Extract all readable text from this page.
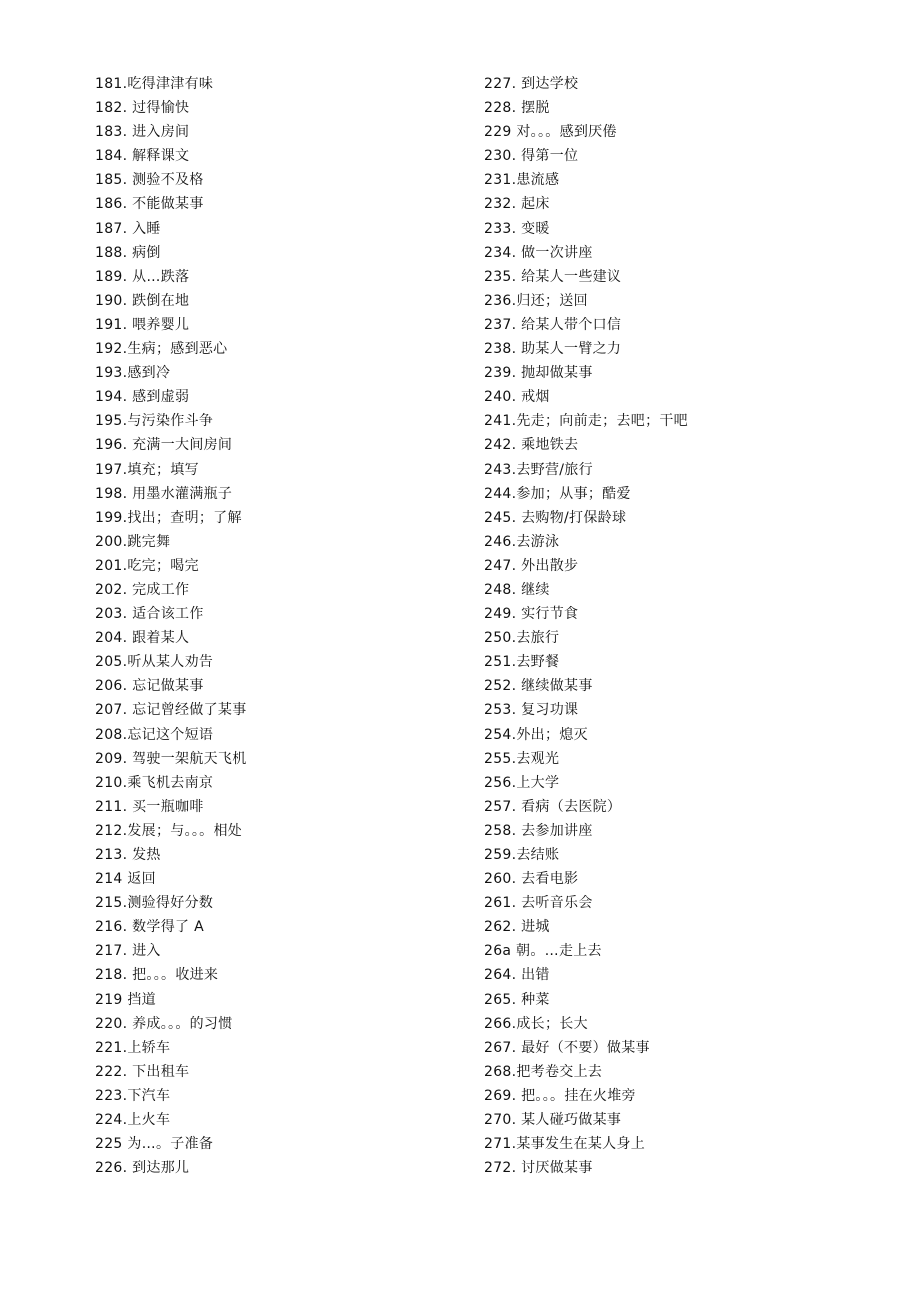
181.吃得津津有味
182. 过得愉快
183. 进入房间
184. 解释课文
185. 测验不及格
186. 不能做某事
187. 入睡
188. 病倒
189. 从…跌落
190. 跌倒在地
191. 喂养婴儿
192.生病；感到恶心
193.感到冷
194. 感到虚弱
195.与污染作斗争
196. 充满一大间房间
197.填充；填写
198. 用墨水灌满瓶子
199.找出；查明；了解
200.跳完舞
201.吃完；喝完
202. 完成工作
203. 适合该工作
204. 跟着某人
205.听从某人劝告
206. 忘记做某事
207. 忘记曾经做了某事
208.忘记这个短语
209. 驾驶一架航天飞机
210.乘飞机去南京
211. 买一瓶咖啡
212.发展；与。。。相处
213. 发热
214 返回
215.测验得好分数
216. 数学得了 A
217. 进入
218. 把。。。收进来
219 挡道
220. 养成。。。的习惯
221.上轿车
222. 下出租车
223.下汽车
224.上火车
225 为…。子准备
226. 到达那儿
227. 到达学校
228. 摆脱
229 对。。。感到厌倦
230. 得第一位
231.患流感
232. 起床
233. 变暖
234. 做一次讲座
235. 给某人一些建议
236.归还；送回
237. 给某人带个口信
238. 助某人一臂之力
239. 抛却做某事
240. 戒烟
241.先走；向前走；去吧；干吧
242. 乘地铁去
243.去野营/旅行
244.参加；从事；酷爱
245. 去购物/打保龄球
246.去游泳
247. 外出散步
248. 继续
249. 实行节食
250.去旅行
251.去野餐
252. 继续做某事
253. 复习功课
254.外出；熄灭
255.去观光
256.上大学
257. 看病（去医院）
258. 去参加讲座
259.去结账
260. 去看电影
261. 去听音乐会
262. 进城
26a 朝。…走上去
264. 出错
265. 种菜
266.成长；长大
267. 最好（不要）做某事
268.把考卷交上去
269. 把。。。挂在火堆旁
270. 某人碰巧做某事
271.某事发生在某人身上
272. 讨厌做某事
